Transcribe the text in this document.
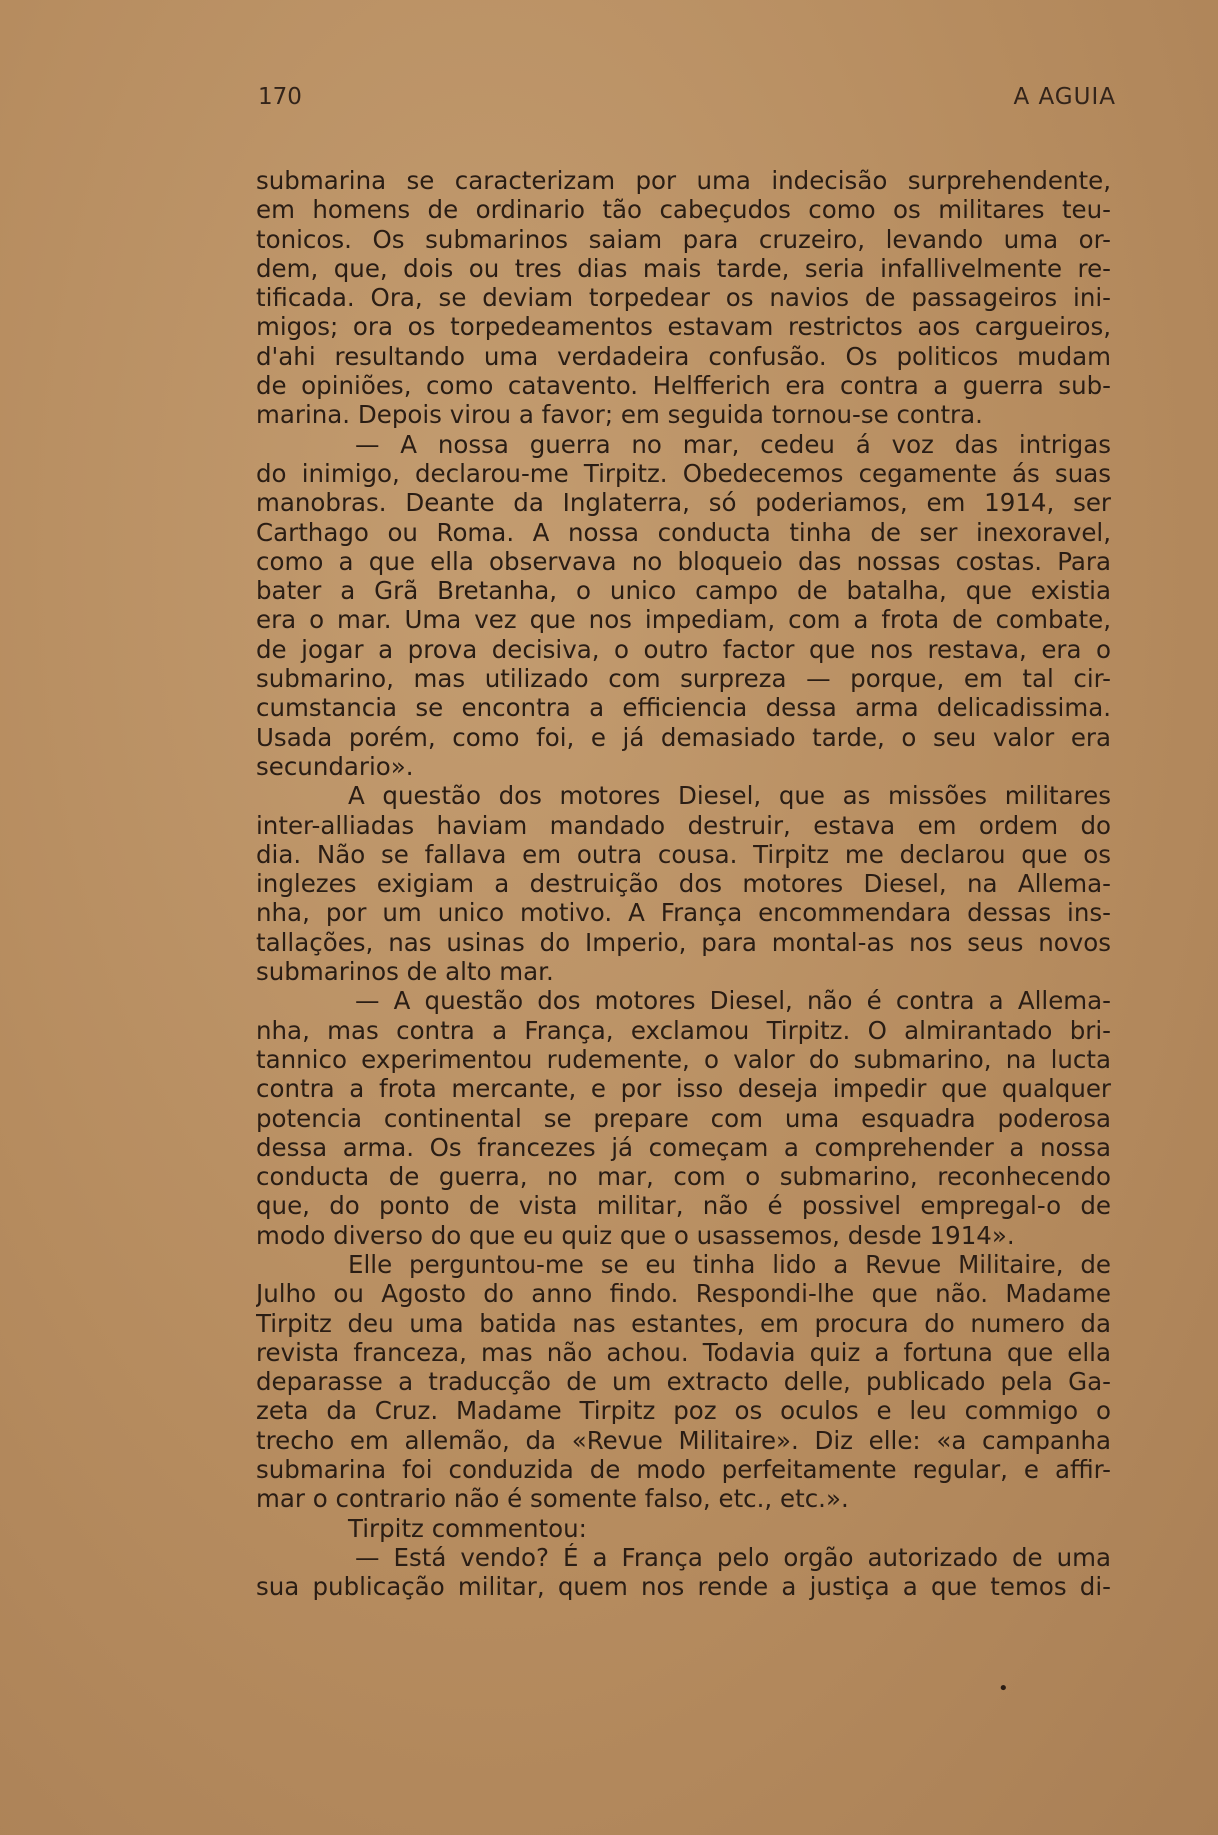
170	A AGUIA
submarina se caracterizam por uma indecisão surprehendente,
em homens de ordinario tão cabeçudos como os militares teu-
tonicos. Os submarinos saiam para cruzeiro, levando uma or-
dem, que, dois ou tres dias mais tarde, seria infallivelmente re-
tificada. Ora, se deviam torpedear os navios de passageiros ini-
migos; ora os torpedeamentos estavam restrictos aos cargueiros,
d'ahi resultando uma verdadeira confusão. Os politicos mudam
de opiniões, como catavento. Helfferich era contra a guerra sub-
marina. Depois virou a favor; em seguida tornou-se contra.
— A nossa guerra no mar, cedeu á voz das intrigas
do inimigo, declarou-me Tirpitz. Obedecemos cegamente ás suas
manobras. Deante da Inglaterra, só poderiamos, em 1914, ser
Carthago ou Roma. A nossa conducta tinha de ser inexoravel,
como a que ella observava no bloqueio das nossas costas. Para
bater a Grã Bretanha, o unico campo de batalha, que existia
era o mar. Uma vez que nos impediam, com a frota de combate,
de jogar a prova decisiva, o outro factor que nos restava, era o
submarino, mas utilizado com surpreza — porque, em tal cir-
cumstancia se encontra a efficiencia dessa arma delicadissima.
Usada porém, como foi, e já demasiado tarde, o seu valor era
secundario».
A questão dos motores Diesel, que as missões militares
inter-alliadas haviam mandado destruir, estava em ordem do
dia. Não se fallava em outra cousa. Tirpitz me declarou que os
inglezes exigiam a destruição dos motores Diesel, na Allema-
nha, por um unico motivo. A França encommendara dessas ins-
tallações, nas usinas do Imperio, para montal-as nos seus novos
submarinos de alto mar.
— A questão dos motores Diesel, não é contra a Allema-
nha, mas contra a França, exclamou Tirpitz. O almirantado bri-
tannico experimentou rudemente, o valor do submarino, na lucta
contra a frota mercante, e por isso deseja impedir que qualquer
potencia continental se prepare com uma esquadra poderosa
dessa arma. Os francezes já começam a comprehender a nossa
conducta de guerra, no mar, com o submarino, reconhecendo
que, do ponto de vista militar, não é possivel empregal-o de
modo diverso do que eu quiz que o usassemos, desde 1914».
Elle perguntou-me se eu tinha lido a Revue Militaire, de
Julho ou Agosto do anno findo. Respondi-lhe que não. Madame
Tirpitz deu uma batida nas estantes, em procura do numero da
revista franceza, mas não achou. Todavia quiz a fortuna que ella
deparasse a traducção de um extracto delle, publicado pela Ga-
zeta da Cruz. Madame Tirpitz poz os oculos e leu commigo o
trecho em allemão, da «Revue Militaire». Diz elle: «a campanha
submarina foi conduzida de modo perfeitamente regular, e affir-
mar o contrario não é somente falso, etc., etc.».
Tirpitz commentou:
— Está vendo? É a França pelo orgão autorizado de uma
sua publicação militar, quem nos rende a justiça a que temos di-
•
